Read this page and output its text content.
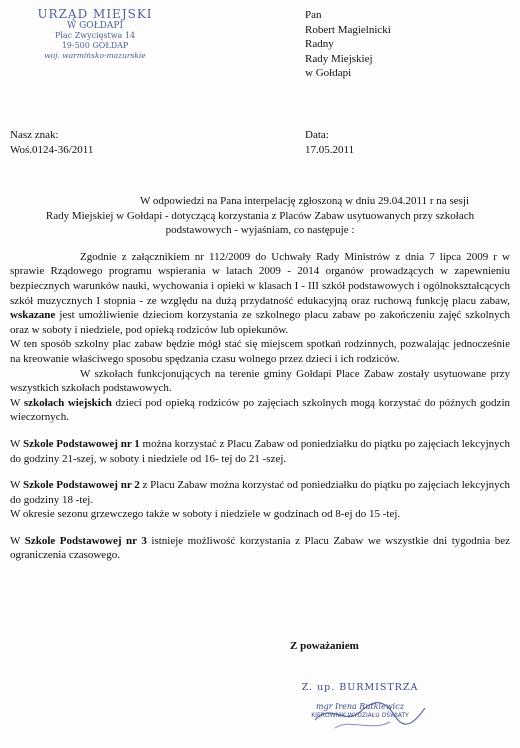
URZĄD MIEJSKI
W GOŁDAPI
Plac Zwycięstwa 14
19-500 GOŁDAP
woj. warmińsko-mazurskie
Pan
Robert Magielnicki
Radny
Rady Miejskiej
w Gołdapi
Nasz znak:
Woś.0124-36/2011
Data:
17.05.2011
W odpowiedzi na Pana interpelację zgłoszoną w dniu 29.04.2011 r na sesji
Rady Miejskiej w Gołdapi - dotyczącą korzystania z Placów Zabaw usytuowanych przy szkołach
podstawowych - wyjaśniam, co następuje :

Zgodnie z załącznikiem nr 112/2009 do Uchwały Rady Ministrów z dnia 7 lipca 2009 r w sprawie Rządowego programu wspierania w latach 2009 - 2014 organów prowadzących w zapewnieniu bezpiecznych warunków nauki, wychowania i opieki w klasach I - III szkół podstawowych i ogólnokształcących szkół muzycznych I stopnia - ze względu na dużą przydatność edukacyjną oraz ruchową funkcję placu zabaw, wskazane jest umożliwienie dzieciom korzystania ze szkolnego placu zabaw po zakończeniu zajęć szkolnych oraz w soboty i niedziele, pod opieką rodziców lub opiekunów.

W ten sposób szkolny plac zabaw będzie mógł stać się miejscem spotkań rodzinnych, pozwalając jednocześnie na kreowanie właściwego sposobu spędzania czasu wolnego przez dzieci i ich rodziców.

W szkołach funkcjonujących na terenie gminy Gołdapi Place Zabaw zostały usytuowane przy wszystkich szkołach podstawowych.

W szkołach wiejskich dzieci pod opieką rodziców po zajęciach szkolnych mogą korzystać do późnych godzin wieczornych.

W Szkole Podstawowej nr 1 można korzystać z Placu Zabaw od poniedziałku do piątku po zajęciach lekcyjnych do godziny 21-szej, w soboty i niedziele od 16- tej do 21 -szej.

W Szkole Podstawowej nr 2 z Placu Zabaw można korzystać od poniedziałku do piątku po zajęciach lekcyjnych do godziny 18 -tej.

W okresie sezonu grzewczego także w soboty i niedziele w godzinach od 8-ej do 15 -tej.

W Szkole Podstawowej nr 3 istnieje możliwość korzystania z Placu Zabaw we wszystkie dni tygodnia bez ograniczenia czasowego.

Z poważaniem
Z. up. BURMISTRZA
mgr Irena Rutkiewicz
KIEROWNIK WYDZIAŁU OŚWIATY
